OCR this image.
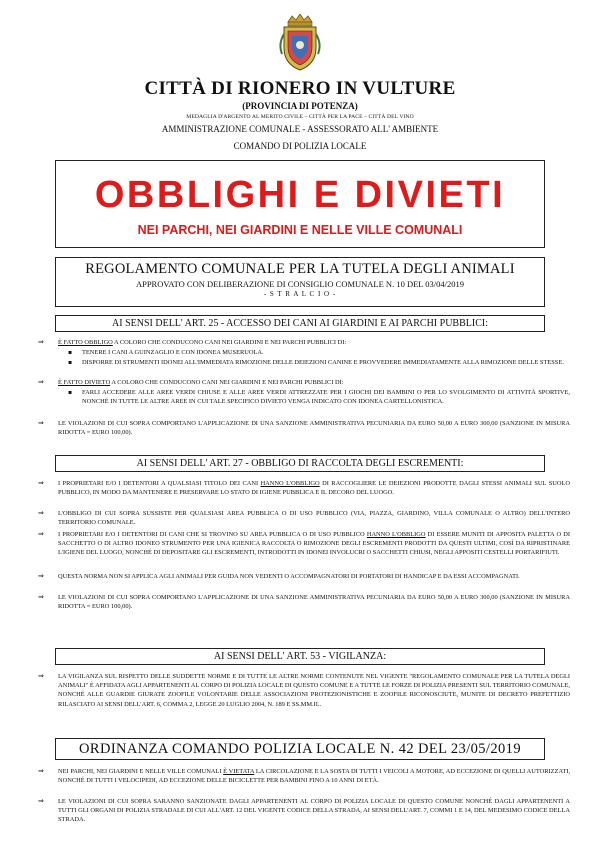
CITTÀ DI RIONERO IN VULTURE
(PROVINCIA DI POTENZA)
MEDAGLIA D'ARGENTO AL MERITO CIVILE – CITTÀ PER LA PACE – CITTÀ DEL VINO
AMMINISTRAZIONE COMUNALE - ASSESSORATO ALL' AMBIENTE
COMANDO DI POLIZIA LOCALE
OBBLIGHI E DIVIETI
NEI PARCHI, NEI GIARDINI E NELLE VILLE COMUNALI
REGOLAMENTO COMUNALE PER LA TUTELA DEGLI ANIMALI
APPROVATO CON DELIBERAZIONE DI CONSIGLIO COMUNALE N. 10 DEL 03/04/2019
- S T R A L C I O -
AI SENSI DELL' ART. 25 - ACCESSO DEI CANI AI GIARDINI E AI PARCHI PUBBLICI:
⇒ È FATTO OBBLIGO A COLORO CHE CONDUCONO CANI NEI GIARDINI E NEI PARCHI PUBBLICI DI:
▪ TENERE I CANI A GUINZAGLIO E CON IDONEA MUSERUOLA.
▪ DISPORRE DI STRUMENTI IDONEI ALL'IMMEDIATA RIMOZIONE DELLE DEIEZIONI CANINE E PROVVEDERE IMMEDIATAMENTE ALLA RIMOZIONE DELLE STESSE.
⇒ È FATTO DIVIETO A COLORO CHE CONDUCONO CANI NEI GIARDINI E NEI PARCHI PUBBLICI DI:
▪ FARLI ACCEDERE ALLE AREE VERDI CHIUSE E ALLE AREE VERDI ATTREZZATE PER I GIOCHI DEI BAMBINI O PER LO SVOLGIMENTO DI ATTIVITÀ SPORTIVE, NONCHÉ IN TUTTE LE ALTRE AREE IN CUI TALE SPECIFICO DIVIETO VENGA INDICATO CON IDONEA CARTELLONISTICA.
⇒ LE VIOLAZIONI DI CUI SOPRA COMPORTANO L'APPLICAZIONE DI UNA SANZIONE AMMINISTRATIVA PECUNIARIA DA EURO 50,00 A EURO 300,00 (SANZIONE IN MISURA RIDOTTA = EURO 100,00).
AI SENSI DELL' ART. 27 - OBBLIGO DI RACCOLTA DEGLI ESCREMENTI:
⇒ I PROPRIETARI E/O I DETENTORI A QUALSIASI TITOLO DEI CANI HANNO L'OBBLIGO DI RACCOGLIERE LE DEIEZIONI PRODOTTE DAGLI STESSI ANIMALI SUL SUOLO PUBBLICO, IN MODO DA MANTENERE E PRESERVARE LO STATO DI IGIENE PUBBLICA E IL DECORO DEL LUOGO.
⇒ L'OBBLIGO DI CUI SOPRA SUSSISTE PER QUALSIASI AREA PUBBLICA O DI USO PUBBLICO (VIA, PIAZZA, GIARDINO, VILLA COMUNALE O ALTRO) DELL'INTERO TERRITORIO COMUNALE.
⇒ I PROPRIETARI E/O I DETENTORI DI CANI CHE SI TROVINO SU AREA PUBBLICA O DI USO PUBBLICO HANNO L'OBBLIGO DI ESSERE MUNITI DI APPOSITA PALETTA O DI SACCHETTO O DI ALTRO IDONEO STRUMENTO PER UNA IGIENICA RACCOLTA O RIMOZIONE DEGLI ESCREMENTI PRODOTTI DA QUESTI ULTIMI, COSÌ DA RIPRISTINARE L'IGIENE DEL LUOGO, NONCHÉ DI DEPOSITARE GLI ESCREMENTI, INTRODOTTI IN IDONEI INVOLUCRI O SACCHETTI CHIUSI, NEGLI APPOSITI CESTELLI PORTARIFIUTI.
⇒ QUESTA NORMA NON SI APPLICA AGLI ANIMALI PER GUIDA NON VEDENTI O ACCOMPAGNATORI DI PORTATORI DI HANDICAP E DA ESSI ACCOMPAGNATI.
⇒ LE VIOLAZIONI DI CUI SOPRA COMPORTANO L'APPLICAZIONE DI UNA SANZIONE AMMINISTRATIVA PECUNIARIA DA EURO 50,00 A EURO 300,00 (SANZIONE IN MISURA RIDOTTA = EURO 100,00).
AI SENSI DELL' ART. 53 - VIGILANZA:
⇒ LA VIGILANZA SUL RISPETTO DELLE SUDDETTE NORME E DI TUTTE LE ALTRE NORME CONTENUTE NEL VIGENTE "REGOLAMENTO COMUNALE PER LA TUTELA DEGLI ANIMALI" È AFFIDATA AGLI APPARTENENTI AL CORPO DI POLIZIA LOCALE DI QUESTO COMUNE E A TUTTE LE FORZE DI POLIZIA PRESENTI SUL TERRITORIO COMUNALE, NONCHÉ ALLE GUARDIE GIURATE ZOOFILE VOLONTARIE DELLE ASSOCIAZIONI PROTEZIONISTICHE E ZOOFILE RICONOSCIUTE, MUNITE DI DECRETO PREFETTIZIO RILASCIATO AI SENSI DELL'ART. 6, COMMA 2, LEGGE 20 LUGLIO 2004, N. 189 E SS.MM.II..
ORDINANZA COMANDO POLIZIA LOCALE N. 42 DEL 23/05/2019
⇒ NEI PARCHI, NEI GIARDINI E NELLE VILLE COMUNALI È VIETATA LA CIRCOLAZIONE E LA SOSTA DI TUTTI I VEICOLI A MOTORE, AD ECCEZIONE DI QUELLI AUTORIZZATI, NONCHÉ DI TUTTI I VELOCIPEDI, AD ECCEZIONE DELLE BICICLETTE PER BAMBINI FINO A 10 ANNI DI ETÀ.
⇒ LE VIOLAZIONI DI CUI SOPRA SARANNO SANZIONATE DAGLI APPARTENENTI AL CORPO DI POLIZIA LOCALE DI QUESTO COMUNE NONCHÉ DAGLI APPARTENENTI A TUTTI GLI ORGANI DI POLIZIA STRADALE DI CUI ALL'ART. 12 DEL VIGENTE CODICE DELLA STRADA, AI SENSI DELL'ART. 7, COMMI 1 E 14, DEL MEDESIMO CODICE DELLA STRADA.
